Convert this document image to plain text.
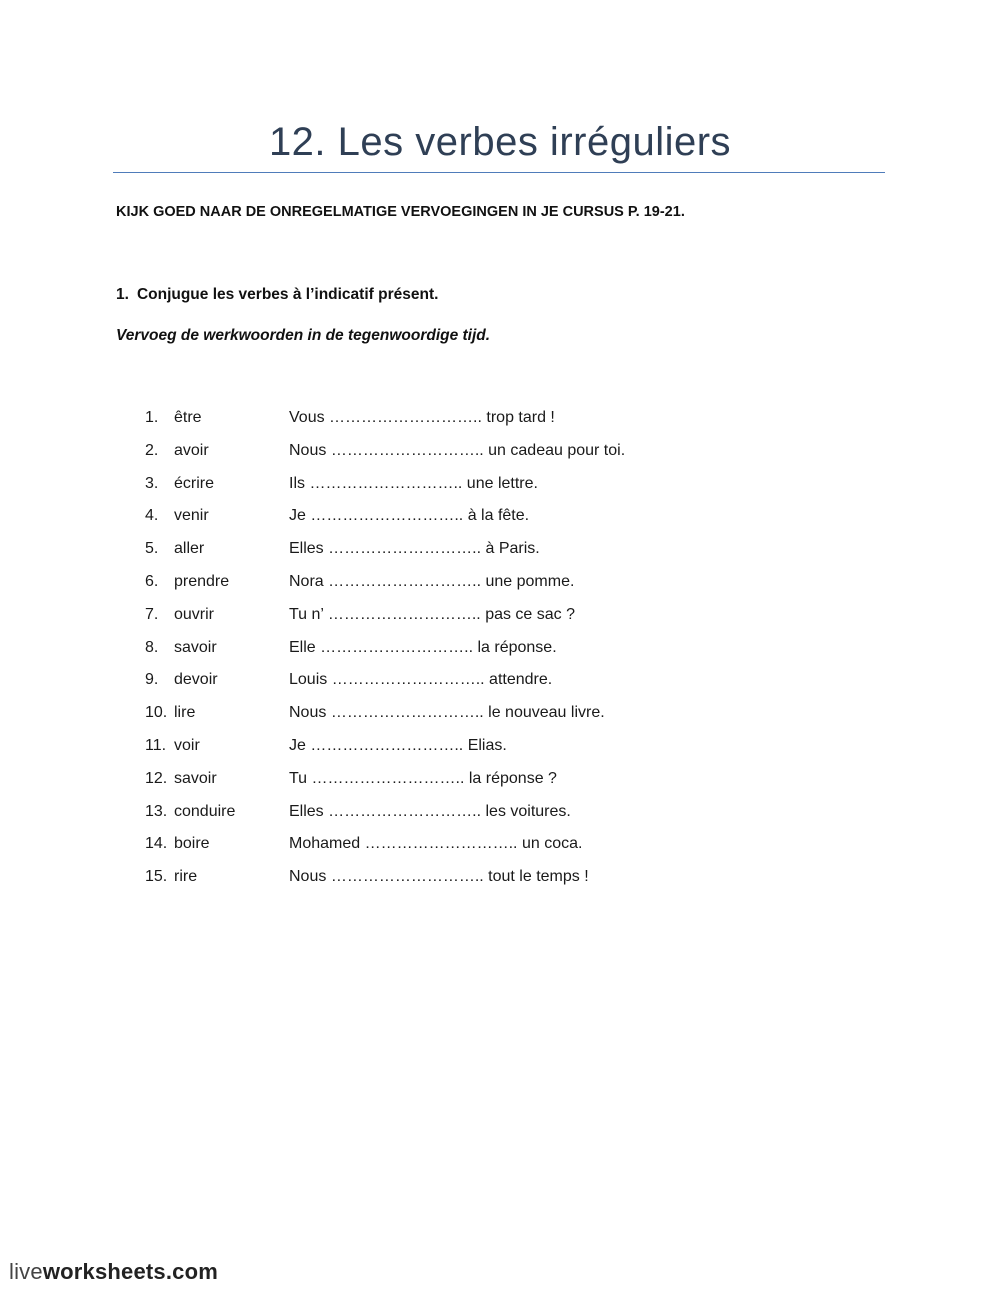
12. Les verbes irréguliers
KIJK GOED NAAR DE ONREGELMATIGE VERVOEGINGEN IN JE CURSUS P. 19-21.
1. Conjugue les verbes à l’indicatif présent.
Vervoeg de werkwoorden in de tegenwoordige tijd.
1. être	Vous ……………………….. trop tard !
2. avoir	Nous ……………………….. un cadeau pour toi.
3. écrire	Ils ……………………….. une lettre.
4. venir	Je ……………………….. à la fête.
5. aller	Elles ……………………….. à Paris.
6. prendre	Nora ……………………….. une pomme.
7. ouvrir	Tu n’ ……………………….. pas ce sac ?
8. savoir	Elle ……………………….. la réponse.
9. devoir	Louis ……………………….. attendre.
10. lire	Nous ……………………….. le nouveau livre.
11. voir	Je ……………………….. Elias.
12. savoir	Tu ……………………….. la réponse ?
13. conduire	Elles ……………………….. les voitures.
14. boire	Mohamed ……………………….. un coca.
15. rire	Nous ……………………….. tout le temps !
liveworksheets.com
